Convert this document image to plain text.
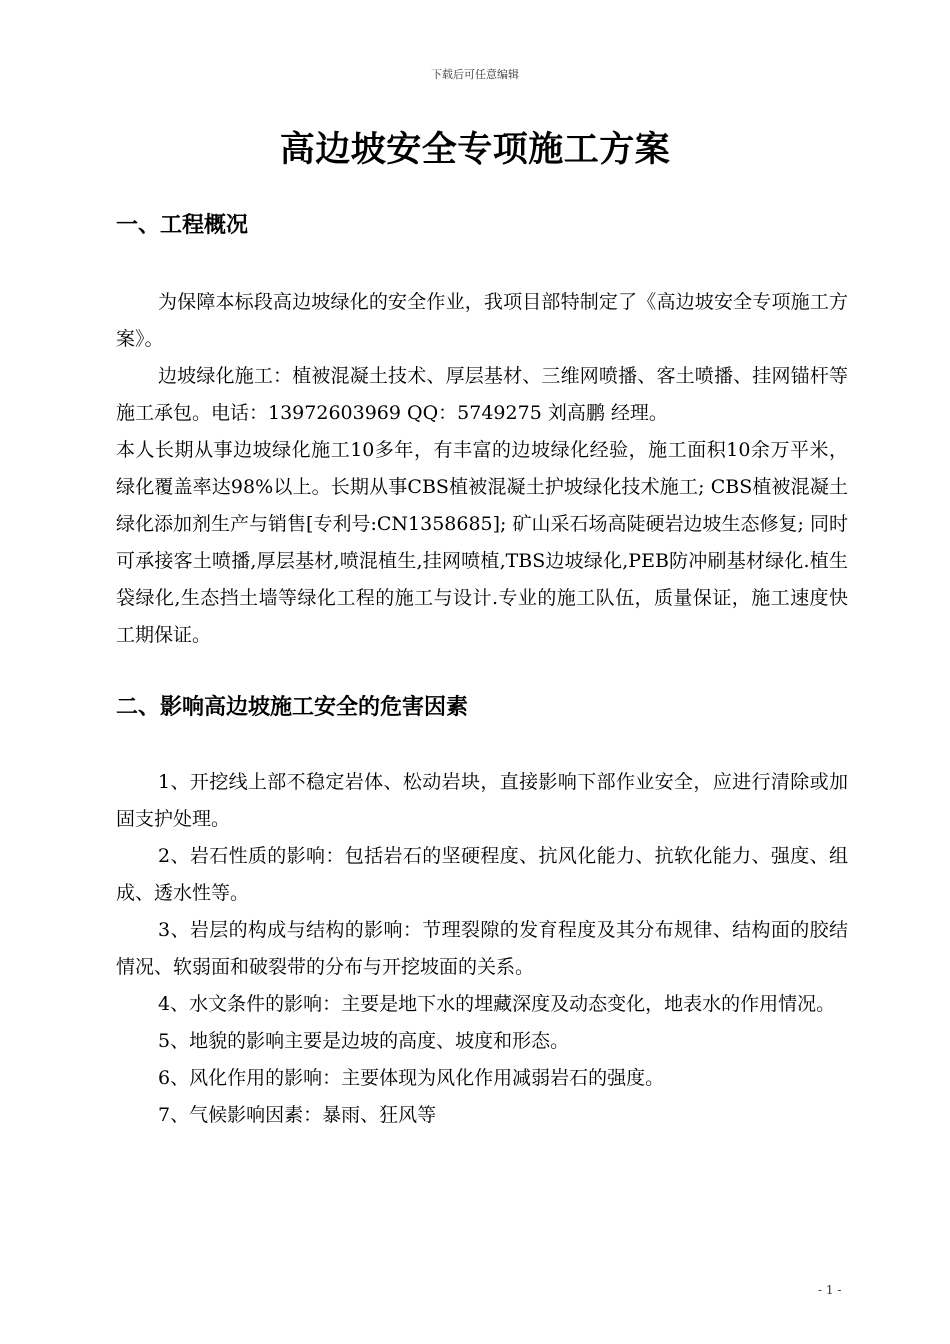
下载后可任意编辑
高边坡安全专项施工方案
一、工程概况

为保障本标段高边坡绿化的安全作业，我项目部特制定了《高边坡安全专项施工方案》。

边坡绿化施工：植被混凝土技术、厚层基材、三维网喷播、客土喷播、挂网锚杆等施工承包。电话：13972603969 QQ：5749275 刘高鹏 经理。

本人长期从事边坡绿化施工10多年，有丰富的边坡绿化经验，施工面积10余万平米，绿化覆盖率达98%以上。长期从事CBS植被混凝土护坡绿化技术施工; CBS植被混凝土绿化添加剂生产与销售[专利号:CN1358685]; 矿山采石场高陡硬岩边坡生态修复; 同时可承接客土喷播,厚层基材,喷混植生,挂网喷植,TBS边坡绿化,PEB防冲刷基材绿化.植生袋绿化,生态挡土墙等绿化工程的施工与设计.专业的施工队伍，质量保证，施工速度快工期保证。

二、影响高边坡施工安全的危害因素

1、开挖线上部不稳定岩体、松动岩块，直接影响下部作业安全，应进行清除或加固支护处理。

2、岩石性质的影响：包括岩石的坚硬程度、抗风化能力、抗软化能力、强度、组成、透水性等。

3、岩层的构成与结构的影响：节理裂隙的发育程度及其分布规律、结构面的胶结情况、软弱面和破裂带的分布与开挖坡面的关系。

4、水文条件的影响：主要是地下水的埋藏深度及动态变化，地表水的作用情况。

5、地貌的影响主要是边坡的高度、坡度和形态。

6、风化作用的影响：主要体现为风化作用减弱岩石的强度。

7、气候影响因素：暴雨、狂风等

- 1 -
